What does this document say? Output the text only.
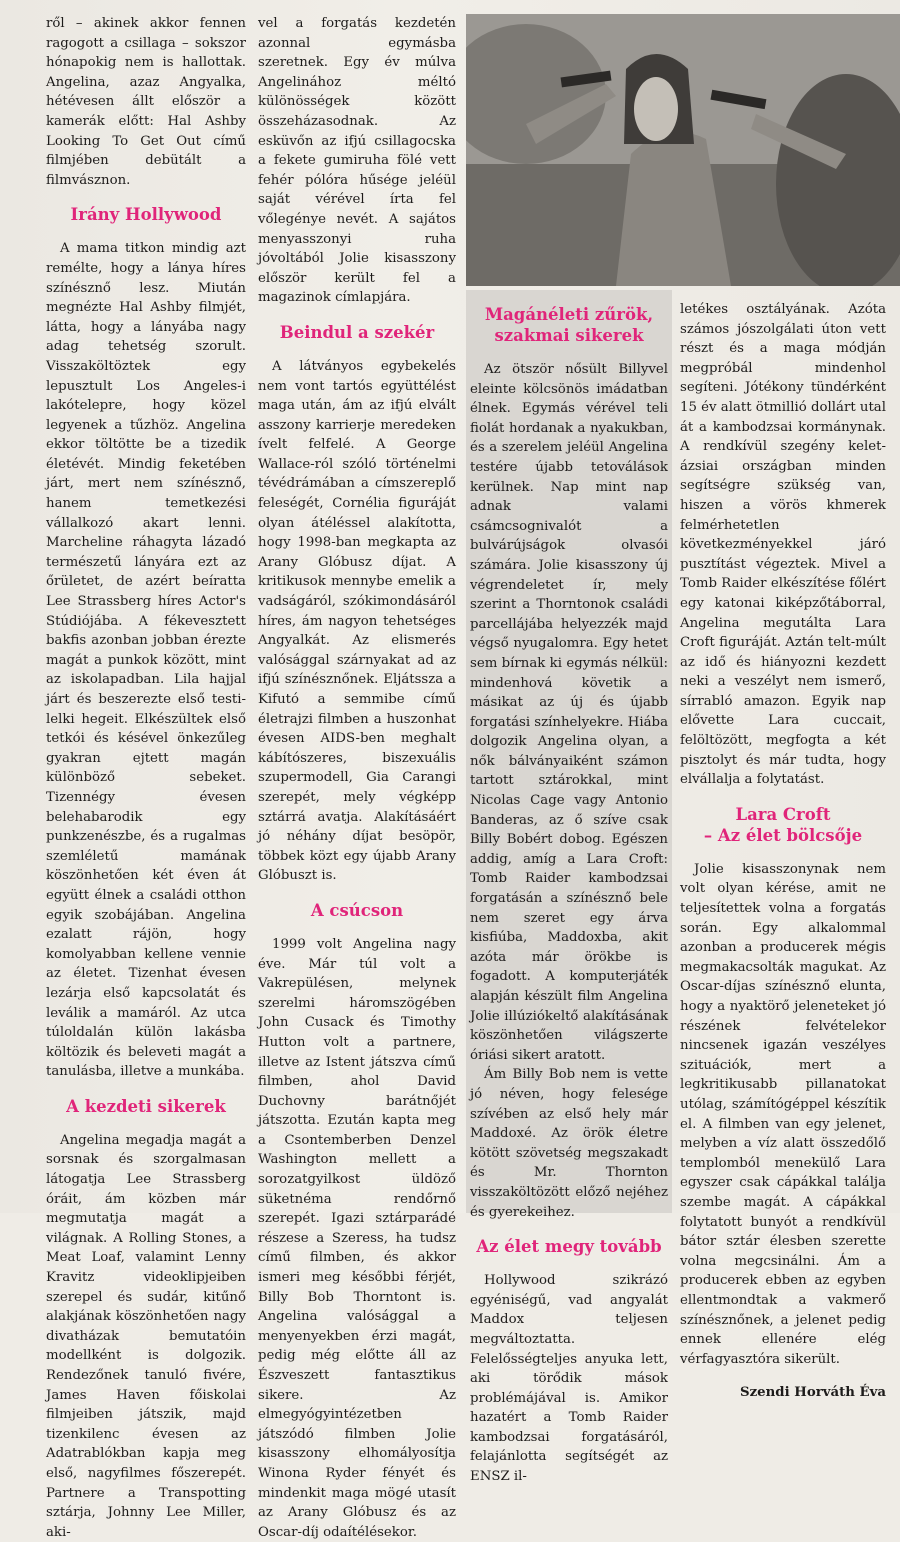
ről – akinek akkor fennen ragogott a csillaga – sokszor hónapokig nem is hallottak. Angelina, azaz Angyalka, hétévesen állt először a kamerák előtt: Hal Ashby Looking To Get Out című filmjében debütált a filmvásznon.

Irány Hollywood

A mama titkon mindig azt remélte, hogy a lánya híres színésznő lesz. Miután megnézte Hal Ashby filmjét, látta, hogy a lányába nagy adag tehetség szorult. Visszaköltöztek egy lepusztult Los Angeles-i lakótelepre, hogy közel legyenek a tűzhöz. Angelina ekkor töltötte be a tizedik életévét. Mindig feketében járt, mert nem színésznő, hanem temetkezési vállalkozó akart lenni. Marcheline ráhagyta lázadó természetű lányára ezt az őrületet, de azért beíratta Lee Strassberg híres Actor's Stúdiójába. A fékevesztett bakfis azonban jobban érezte magát a punkok között, mint az iskolapadban. Lila hajjal járt és beszerezte első testi-lelki hegeit. Elkészültek első tetkói és késével önkezűleg gyakran ejtett magán különböző sebeket. Tizennégy évesen belehabarodik egy punkzenészbe, és a rugalmas szemléletű mamának köszönhetően két éven át együtt élnek a családi otthon egyik szobájában. Angelina ezalatt rájön, hogy komolyabban kellene vennie az életet. Tizenhat évesen lezárja első kapcsolatát és leválik a mamáról. Az utca túloldalán külön lakásba költözik és beleveti magát a tanulásba, illetve a munkába.

A kezdeti sikerek

Angelina megadja magát a sorsnak és szorgalmasan látogatja Lee Strassberg óráit, ám közben már megmutatja magát a világnak. A Rolling Stones, a Meat Loaf, valamint Lenny Kravitz videoklipjeiben szerepel és sudár, kitűnő alakjának köszönhetően nagy divatházak bemutatóin modellként is dolgozik. Rendezőnek tanuló fivére, James Haven főiskolai filmjeiben játszik, majd tizenkilenc évesen az Adatrablókban kapja meg első, nagyfilmes főszerepét. Partnere a Transpotting sztárja, Johnny Lee Miller, aki-

vel a forgatás kezdetén azonnal egymásba szeretnek. Egy év múlva Angelinához méltó különösségek között összeházasodnak. Az esküvőn az ifjú csillagocska a fekete gumiruha fölé vett fehér pólóra hűsége jeléül saját vérével írta fel vőlegénye nevét. A sajátos menyasszonyi ruha jóvoltából Jolie kisasszony először került fel a magazinok címlapjára.

Beindul a szekér

A látványos egybekelés nem vont tartós együttélést maga után, ám az ifjú elvált asszony karrierje meredeken ívelt felfelé. A George Wallace-ról szóló történelmi tévédrámában a címszereplő feleségét, Cornélia figuráját olyan átéléssel alakította, hogy 1998-ban megkapta az Arany Glóbusz díjat. A kritikusok mennybe emelik a vadságáról, szókimondásáról híres, ám nagyon tehetséges Angyalkát. Az elismerés valósággal szárnyakat ad az ifjú színésznőnek. Eljátssza a Kifutó a semmibe című életrajzi filmben a huszonhat évesen AIDS-ben meghalt kábítószeres, biszexuális szupermodell, Gia Carangi szerepét, mely végképp sztárrá avatja. Alakításáért jó néhány díjat besöpör, többek közt egy újabb Arany Glóbuszt is.

A csúcson

1999 volt Angelina nagy éve. Már túl volt a Vakrepülésen, melynek szerelmi háromszögében John Cusack és Timothy Hutton volt a partnere, illetve az Istent játszva című filmben, ahol David Duchovny barátnőjét játszotta. Ezután kapta meg a Csontemberben Denzel Washington mellett a sorozatgyilkost üldöző süketnéma rendőrnő szerepét. Igazi sztárparádé részese a Szeress, ha tudsz című filmben, és akkor ismeri meg későbbi férjét, Billy Bob Thorntont is. Angelina valósággal a menyenyekben érzi magát, pedig még előtte áll az Észveszett fantasztikus sikere. Az elmegyógyintézetben játszódó filmben Jolie kisasszony elhomályosítja Winona Ryder fényét és mindenkit maga mögé utasít az Arany Glóbusz és az Oscar-díj odaítélésekor.

Magánéleti zűrök, szakmai sikerek

Az ötször nősült Billyvel eleinte kölcsönös imádatban élnek. Egymás vérével teli fiolát hordanak a nyakukban, és a szerelem jeléül Angelina testére újabb tetoválások kerülnek. Nap mint nap adnak valami csámcsognivalót a bulvárújságok olvasói számára. Jolie kisasszony új végrendeletet ír, mely szerint a Thorntonok családi parcellájába helyezzék majd végső nyugalomra. Egy hetet sem bírnak ki egymás nélkül: mindenhová követik a másikat az új és újabb forgatási színhelyekre. Hiába dolgozik Angelina olyan, a nők bálványaiként számon tartott sztárokkal, mint Nicolas Cage vagy Antonio Banderas, az ő szíve csak Billy Bobért dobog. Egészen addig, amíg a Lara Croft: Tomb Raider kambodzsai forgatásán a színésznő bele nem szeret egy árva kisfiúba, Maddoxba, akit azóta már örökbe is fogadott. A komputerjáték alapján készült film Angelina Jolie illúziókeltő alakításának köszönhetően világszerte óriási sikert aratott.

Ám Billy Bob nem is vette jó néven, hogy felesége szívében az első hely már Maddoxé. Az örök életre kötött szövetség megszakadt és Mr. Thornton visszaköltözött előző nejéhez és gyerekeihez.

Az élet megy tovább

Hollywood szikrázó egyéniségű, vad angyalát Maddox teljesen megváltoztatta. Felelősségteljes anyuka lett, aki törődik mások problémájával is. Amikor hazatért a Tomb Raider kambodzsai forgatásáról, felajánlotta segítségét az ENSZ il-

letékes osztályának. Azóta számos jószolgálati úton vett részt és a maga módján megpróbál mindenhol segíteni. Jótékony tündérként 15 év alatt ötmillió dollárt utal át a kambodzsai kormánynak. A rendkívül szegény kelet-ázsiai országban minden segítségre szükség van, hiszen a vörös khmerek felmérhetetlen következményekkel járó pusztítást végeztek. Mivel a Tomb Raider elkészítése főlért egy katonai kiképzőtáborral, Angelina megutálta Lara Croft figuráját. Aztán telt-múlt az idő és hiányozni kezdett neki a veszélyt nem ismerő, sírrabló amazon. Egyik nap elővette Lara cuccait, felöltözött, megfogta a két pisztolyt és már tudta, hogy elvállalja a folytatást.

Lara Croft
– Az élet bölcsője

Jolie kisasszonynak nem volt olyan kérése, amit ne teljesítettek volna a forgatás során. Egy alkalommal azonban a producerek mégis megmakacsolták magukat. Az Oscar-díjas színésznő elunta, hogy a nyaktörő jeleneteket jó részének felvételekor nincsenek igazán veszélyes szituációk, mert a legkritikusabb pillanatokat utólag, számítógéppel készítik el. A filmben van egy jelenet, melyben a víz alatt összedőlő templomból menekülő Lara egyszer csak cápákkal találja szembe magát. A cápákkal folytatott bunyót a rendkívül bátor sztár élesben szerette volna megcsinálni. Ám a producerek ebben az egyben ellentmondtak a vakmerő színésznőnek, a jelenet pedig ennek ellenére elég vérfagyasztóra sikerült.

Szendi Horváth Éva
